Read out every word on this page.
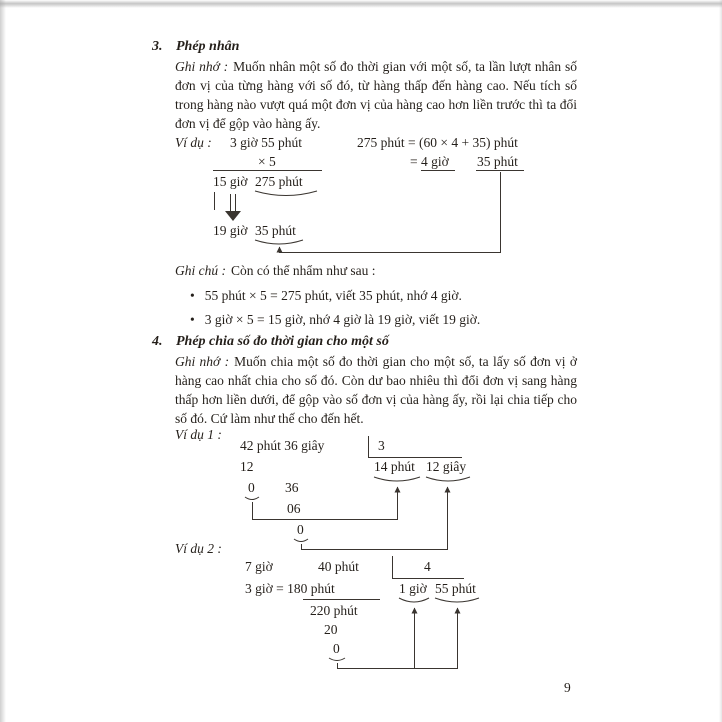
3. Phép nhân
Ghi nhớ : Muốn nhân một số đo thời gian với một số, ta lần lượt nhân số đơn vị của từng hàng với số đó, từ hàng thấp đến hàng cao. Nếu tích số trong hàng nào vượt quá một đơn vị của hàng cao hơn liền trước thì ta đổi đơn vị để gộp vào hàng ấy.
Ví dụ : 3 giờ 55 phút	275 phút = (60 × 4 + 35) phút
× 5	= 4 giờ 35 phút
15 giờ 275 phút
19 giờ 35 phút
Ghi chú : Còn có thể nhẩm như sau :
• 55 phút × 5 = 275 phút, viết 35 phút, nhớ 4 giờ.
• 3 giờ × 5 = 15 giờ, nhớ 4 giờ là 19 giờ, viết 19 giờ.
4. Phép chia số đo thời gian cho một số
Ghi nhớ : Muốn chia một số đo thời gian cho một số, ta lấy số đơn vị ở hàng cao nhất chia cho số đó. Còn dư bao nhiêu thì đổi đơn vị sang hàng thấp hơn liền dưới, để gộp vào số đơn vị của hàng ấy, rồi lại chia tiếp cho số đó. Cứ làm như thế cho đến hết.
Ví dụ 1 :
42 phút 36 giây	3
12	14 phút 12 giây
0 36
06
0
Ví dụ 2 :
7 giờ	40 phút	4
3 giờ = 180 phút	1 giờ 55 phút
220 phút
20
0
9
